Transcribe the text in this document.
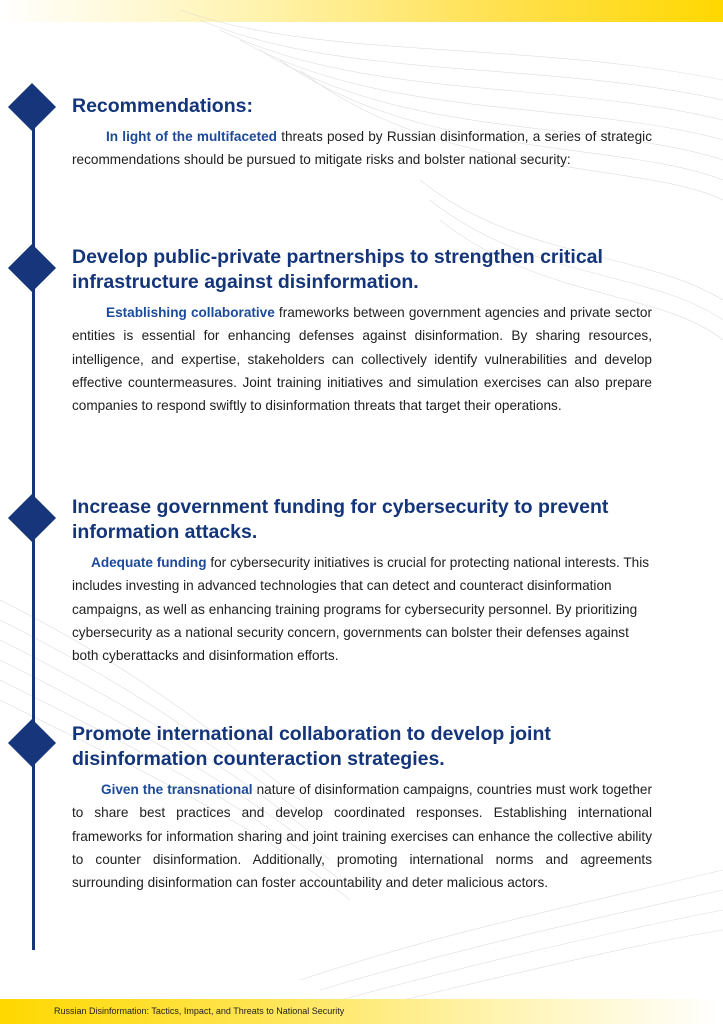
Recommendations:

In light of the multifaceted threats posed by Russian disinformation, a series of strategic recommendations should be pursued to mitigate risks and bolster national security:

Develop public-private partnerships to strengthen critical infrastructure against disinformation.

Establishing collaborative frameworks between government agencies and private sector entities is essential for enhancing defenses against disinformation. By sharing resources, intelligence, and expertise, stakeholders can collectively identify vulnerabilities and develop effective countermeasures. Joint training initiatives and simulation exercises can also prepare companies to respond swiftly to disinformation threats that target their operations.

Increase government funding for cybersecurity to prevent information attacks.

Adequate funding for cybersecurity initiatives is crucial for protecting national interests. This includes investing in advanced technologies that can detect and counteract disinformation campaigns, as well as enhancing training programs for cybersecurity personnel. By prioritizing cybersecurity as a national security concern, governments can bolster their defenses against both cyberattacks and disinformation efforts.

Promote international collaboration to develop joint disinformation counteraction strategies.

Given the transnational nature of disinformation campaigns, countries must work together to share best practices and develop coordinated responses. Establishing international frameworks for information sharing and joint training exercises can enhance the collective ability to counter disinformation. Additionally, promoting international norms and agreements surrounding disinformation can foster accountability and deter malicious actors.

Russian Disinformation: Tactics, Impact, and Threats to National Security
